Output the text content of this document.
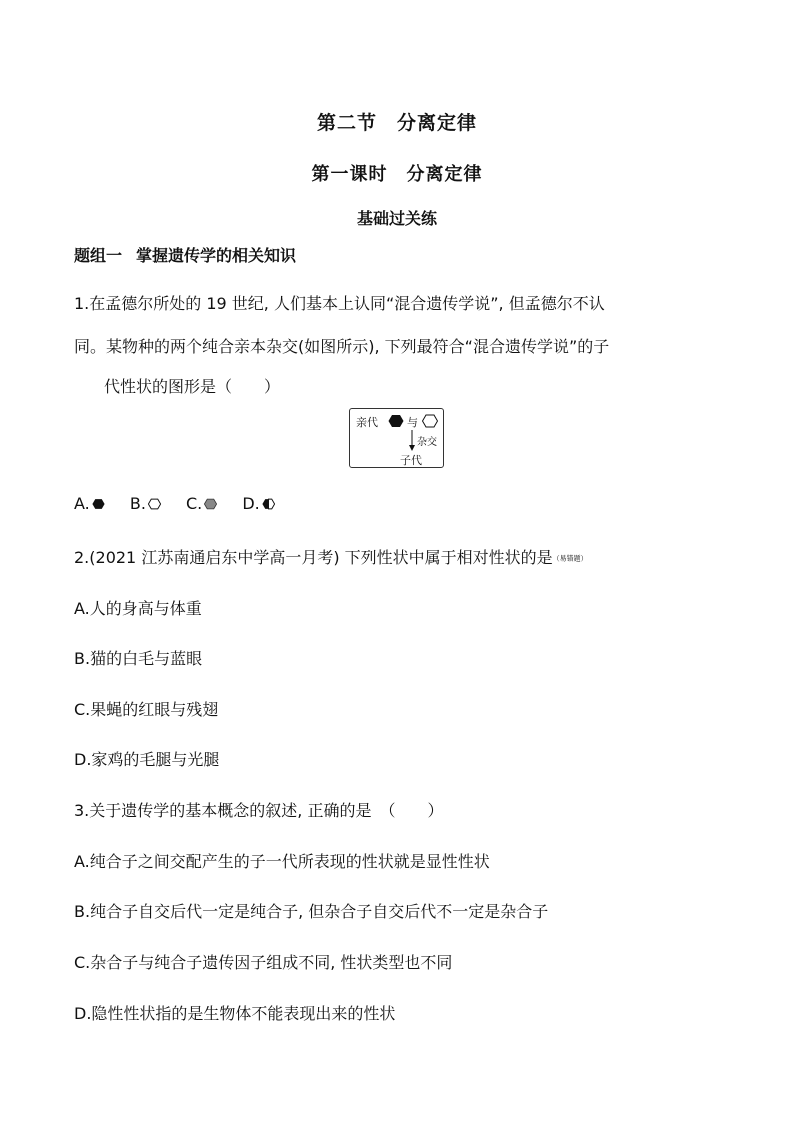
第二节　分离定律
第一课时　分离定律
基础过关练
题组一 掌握遗传学的相关知识
1.在孟德尔所处的 19 世纪, 人们基本上认同“混合遗传学说”, 但孟德尔不认
同。某物种的两个纯合亲本杂交(如图所示), 下列最符合“混合遗传学说”的子
代性状的图形是（　　）
亲代	与
杂交
子代
A.
	B.
	C.
	D.
2.(2021 江苏南通启东中学高一月考) 下列性状中属于相对性状的是（易错题）
A.人的身高与体重
B.猫的白毛与蓝眼
C.果蝇的红眼与残翅
D.家鸡的毛腿与光腿
3.关于遗传学的基本概念的叙述, 正确的是　（　　）
A.纯合子之间交配产生的子一代所表现的性状就是显性性状
B.纯合子自交后代一定是纯合子, 但杂合子自交后代不一定是杂合子
C.杂合子与纯合子遗传因子组成不同, 性状类型也不同
D.隐性性状指的是生物体不能表现出来的性状
